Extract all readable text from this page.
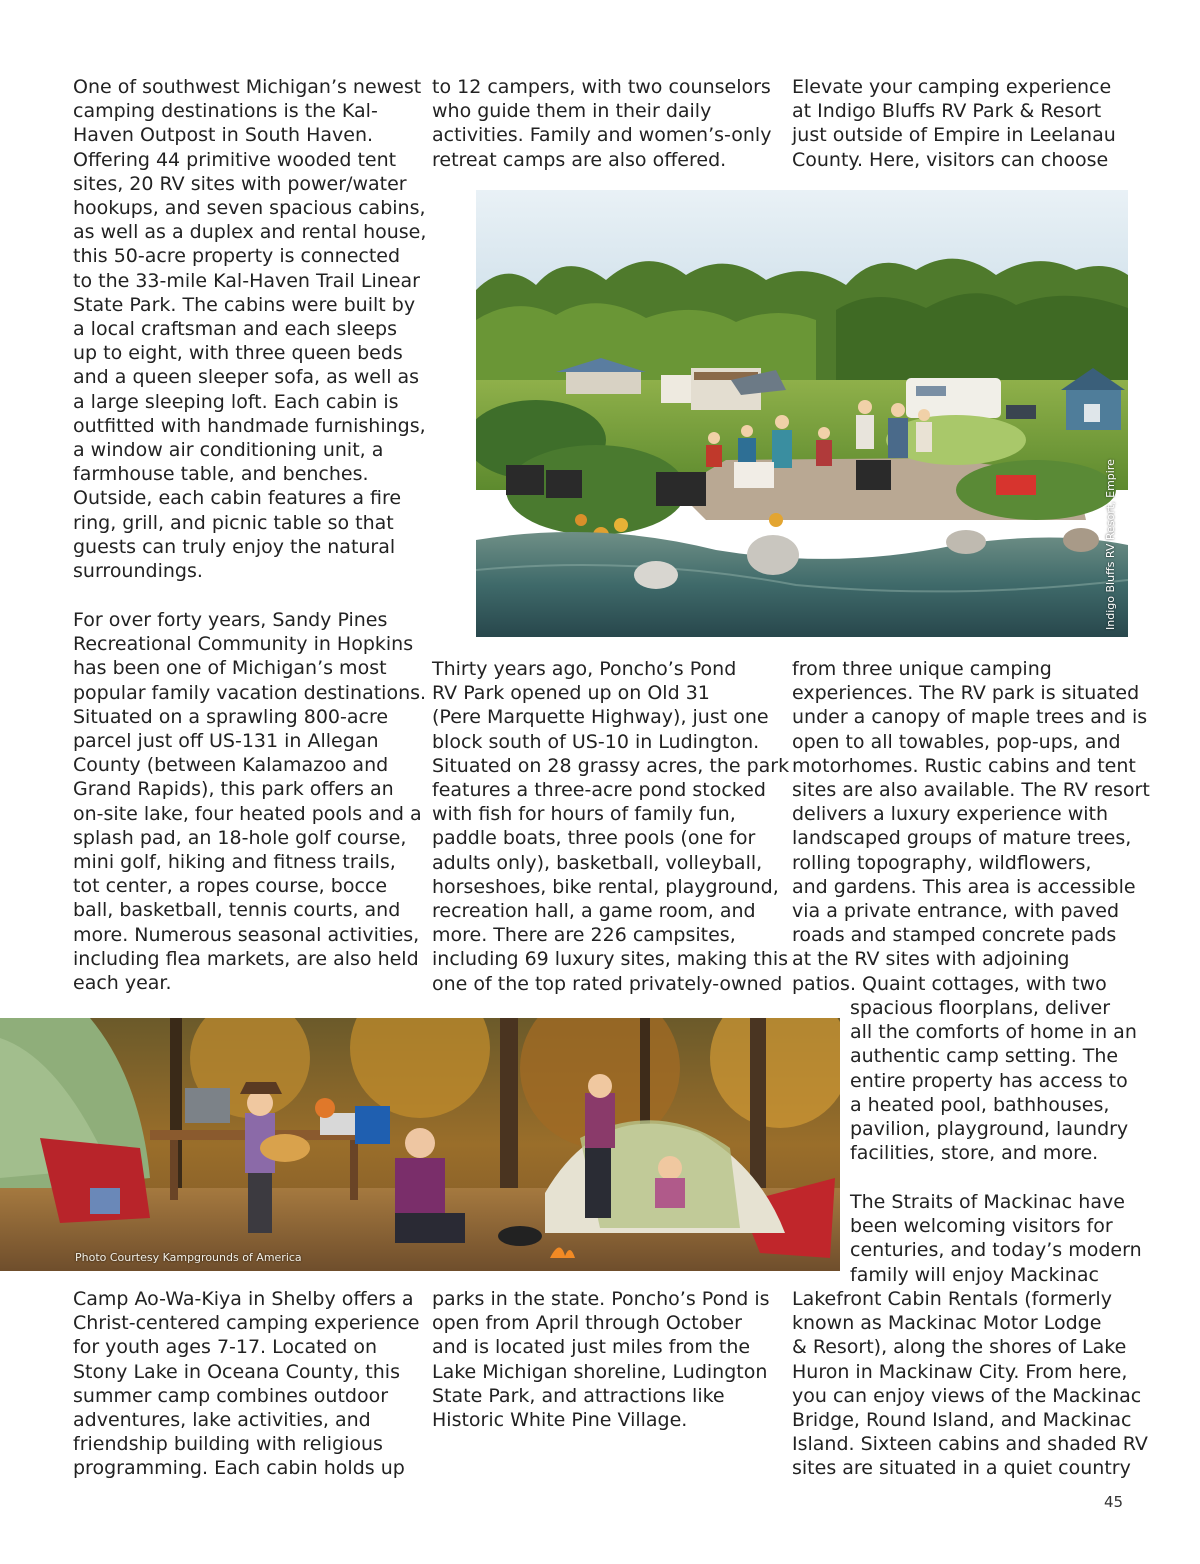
One of southwest Michigan’s newest
camping destinations is the Kal-
Haven Outpost in South Haven.
Offering 44 primitive wooded tent
sites, 20 RV sites with power/water
hookups, and seven spacious cabins,
as well as a duplex and rental house,
this 50-acre property is connected
to the 33-mile Kal-Haven Trail Linear
State Park. The cabins were built by
a local craftsman and each sleeps
up to eight, with three queen beds
and a queen sleeper sofa, as well as
a large sleeping loft. Each cabin is
outfitted with handmade furnishings,
a window air conditioning unit, a
farmhouse table, and benches.
Outside, each cabin features a fire
ring, grill, and picnic table so that
guests can truly enjoy the natural
surroundings.
For over forty years, Sandy Pines
Recreational Community in Hopkins
has been one of Michigan’s most
popular family vacation destinations.
Situated on a sprawling 800-acre
parcel just off US-131 in Allegan
County (between Kalamazoo and
Grand Rapids), this park offers an
on-site lake, four heated pools and a
splash pad, an 18-hole golf course,
mini golf, hiking and fitness trails,
tot center, a ropes course, bocce
ball, basketball, tennis courts, and
more. Numerous seasonal activities,
including flea markets, are also held
each year.
Camp Ao-Wa-Kiya in Shelby offers a
Christ-centered camping experience
for youth ages 7-17. Located on
Stony Lake in Oceana County, this
summer camp combines outdoor
adventures, lake activities, and
friendship building with religious
programming. Each cabin holds up
to 12 campers, with two counselors
who guide them in their daily
activities. Family and women’s-only
retreat camps are also offered.
Thirty years ago, Poncho’s Pond
RV Park opened up on Old 31
(Pere Marquette Highway), just one
block south of US-10 in Ludington.
Situated on 28 grassy acres, the park
features a three-acre pond stocked
with fish for hours of family fun,
paddle boats, three pools (one for
adults only), basketball, volleyball,
horseshoes, bike rental, playground,
recreation hall, a game room, and
more. There are 226 campsites,
including 69 luxury sites, making this
one of the top rated privately-owned
parks in the state. Poncho’s Pond is
open from April through October
and is located just miles from the
Lake Michigan shoreline, Ludington
State Park, and attractions like
Historic White Pine Village.
Elevate your camping experience
at Indigo Bluffs RV Park & Resort
just outside of Empire in Leelanau
County. Here, visitors can choose
from three unique camping
experiences. The RV park is situated
under a canopy of maple trees and is
open to all towables, pop-ups, and
motorhomes. Rustic cabins and tent
sites are also available. The RV resort
delivers a luxury experience with
landscaped groups of mature trees,
rolling topography, wildflowers,
and gardens. This area is accessible
via a private entrance, with paved
roads and stamped concrete pads
at the RV sites with adjoining
patios. Quaint cottages, with two
spacious floorplans, deliver
all the comforts of home in an
authentic camp setting. The
entire property has access to
a heated pool, bathhouses,
pavilion, playground, laundry
facilities, store, and more.
The Straits of Mackinac have
been welcoming visitors for
centuries, and today’s modern
family will enjoy Mackinac
Lakefront Cabin Rentals (formerly
known as Mackinac Motor Lodge
& Resort), along the shores of Lake
Huron in Mackinaw City. From here,
you can enjoy views of the Mackinac
Bridge, Round Island, and Mackinac
Island. Sixteen cabins and shaded RV
sites are situated in a quiet country
Indigo Bluffs RV Resort, Empire
Photo Courtesy Kampgrounds of America
45
